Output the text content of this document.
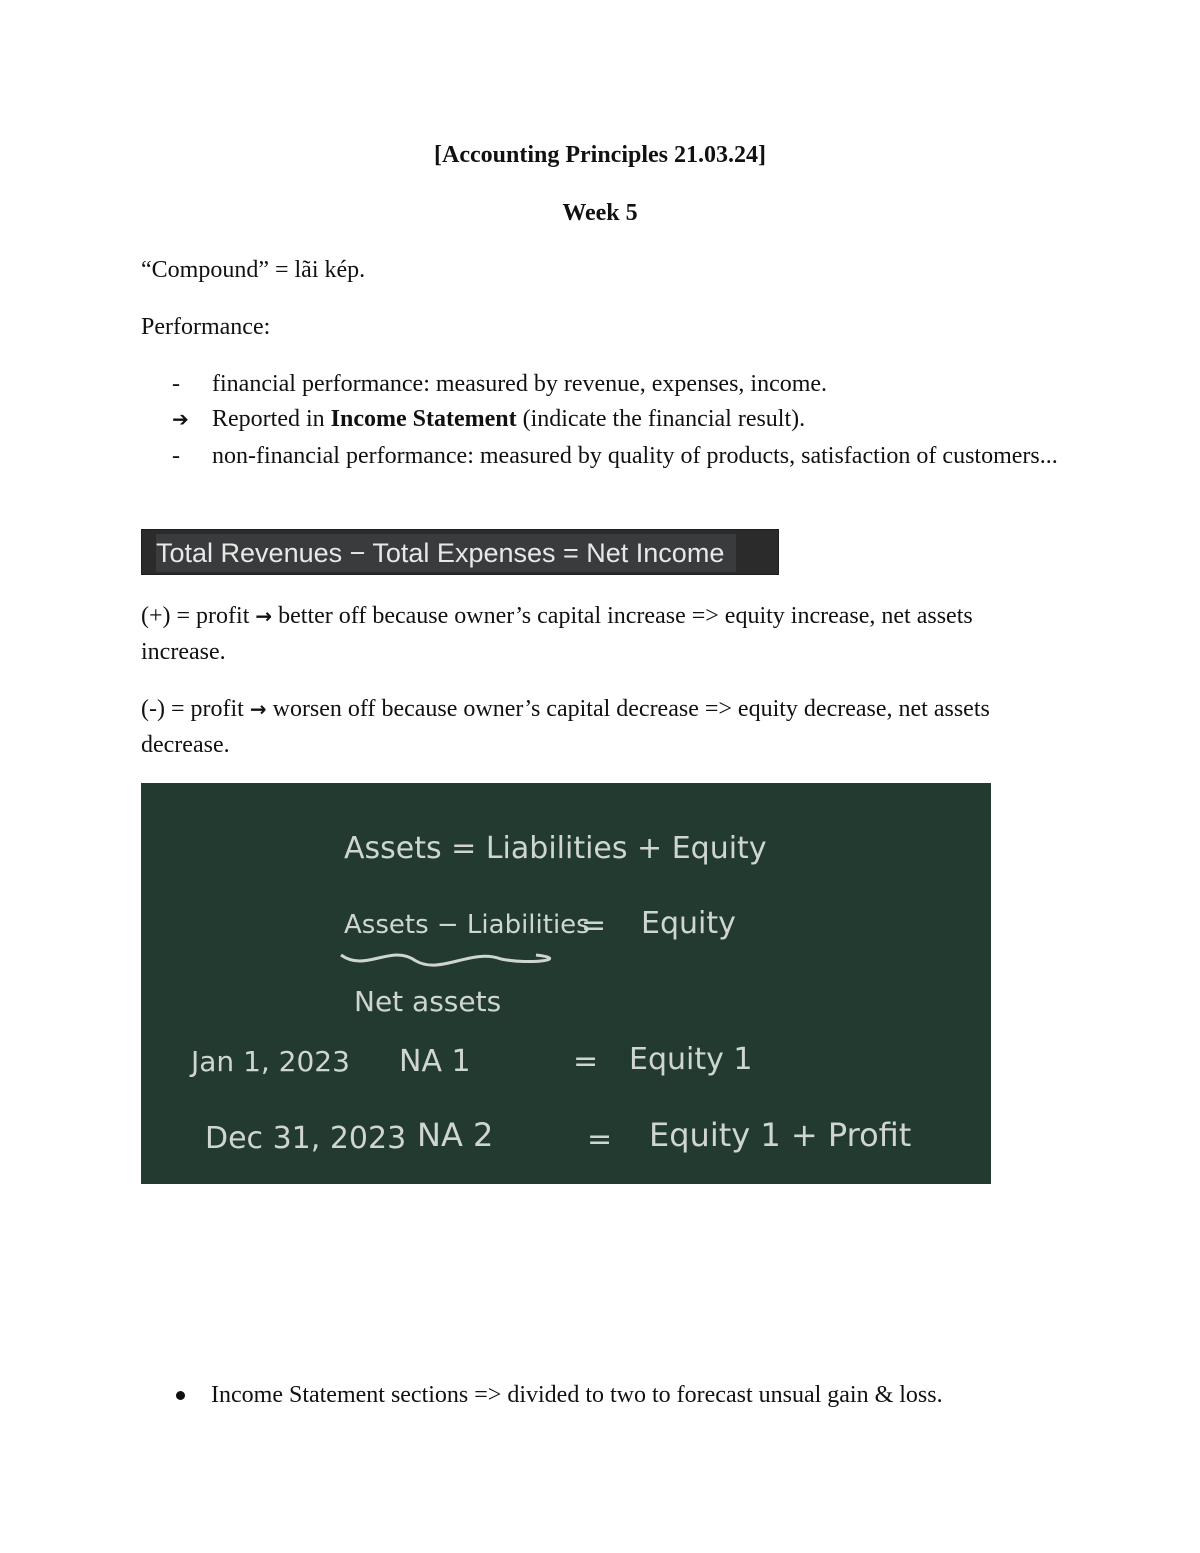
[Accounting Principles 21.03.24]
Week 5
“Compound” = lãi kép.
Performance:
-	financial performance: measured by revenue, expenses, income.
➔ Reported in Income Statement (indicate the financial result).
-	non-financial performance: measured by quality of products, satisfaction of customers...
Total Revenues − Total Expenses = Net Income
(+) = profit → better off because owner’s capital increase => equity increase, net assets increase.
(-) = profit → worsen off because owner’s capital decrease => equity decrease, net assets decrease.
Assets = Liabilities + Equity
Assets − Liabilities
= Equity
Net assets
Jan 1, 2023 NA 1	= Equity 1
Dec 31, 2023 NA 2	= Equity 1 + Profit
Income Statement sections => divided to two to forecast unsual gain & loss.
